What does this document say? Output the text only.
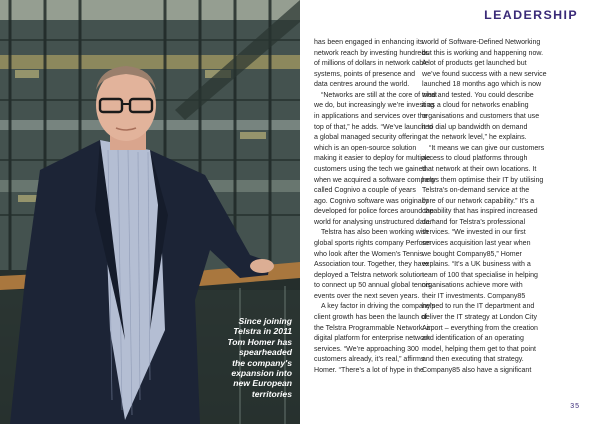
Since joining
Telstra in 2011
Tom Homer has
spearheaded
the company's
expansion into
new European
territories

LEADERSHIP
has been engaged in enhancing its
network reach by investing hundreds
of millions of dollars in network cable
systems, points of presence and
data centres around the world.
“Networks are still at the core of what
we do, but increasingly we’re investing
in applications and services over the
top of that,” he adds. “We’ve launched
a global managed security offering
which is an open-source solution
making it easier to deploy for multiple
customers using the tech we gained
when we acquired a software company
called Cognivo a couple of years
ago. Cognivo software was originally
developed for police forces around the
world for analysing unstructured data.”
Telstra has also been working with
global sports rights company Perform
who look after the Women’s Tennis
Association tour. Together, they have
deployed a Telstra network solution
to connect up 50 annual global tennis
events over the next seven years.
A key factor in driving the company’s
client growth has been the launch of
the Telstra Programmable Network: a
digital platform for enterprise network
services. “We’re approaching 300
customers already, it’s real,” affirms
Homer. “There’s a lot of hype in the
world of Software-Defined Networking
but this is working and happening now.
A lot of products get launched but
we’ve found success with a new service
launched 18 months ago which is now
tried and tested. You could describe
it as a cloud for networks enabling
organisations and customers that use
it to dial up bandwidth on demand
at the network level,” he explains.
“It means we can give our customers
access to cloud platforms through
that network at their own locations. It
helps them optimise their IT by utilising
Telstra’s on-demand service at the
core of our network capability.” It’s a
capability that has inspired increased
demand for Telstra’s professional
services. “We invested in our first
services acquisition last year when
we bought Company85,” Homer
explains. “It’s a UK business with a
team of 100 that specialise in helping
organisations achieve more with
their IT investments. Company85
helped to run the IT department and
deliver the IT strategy at London City
Airport – everything from the creation
and identification of an operating
model, helping them get to that point
and then executing that strategy.
Company85 also have a significant

35
